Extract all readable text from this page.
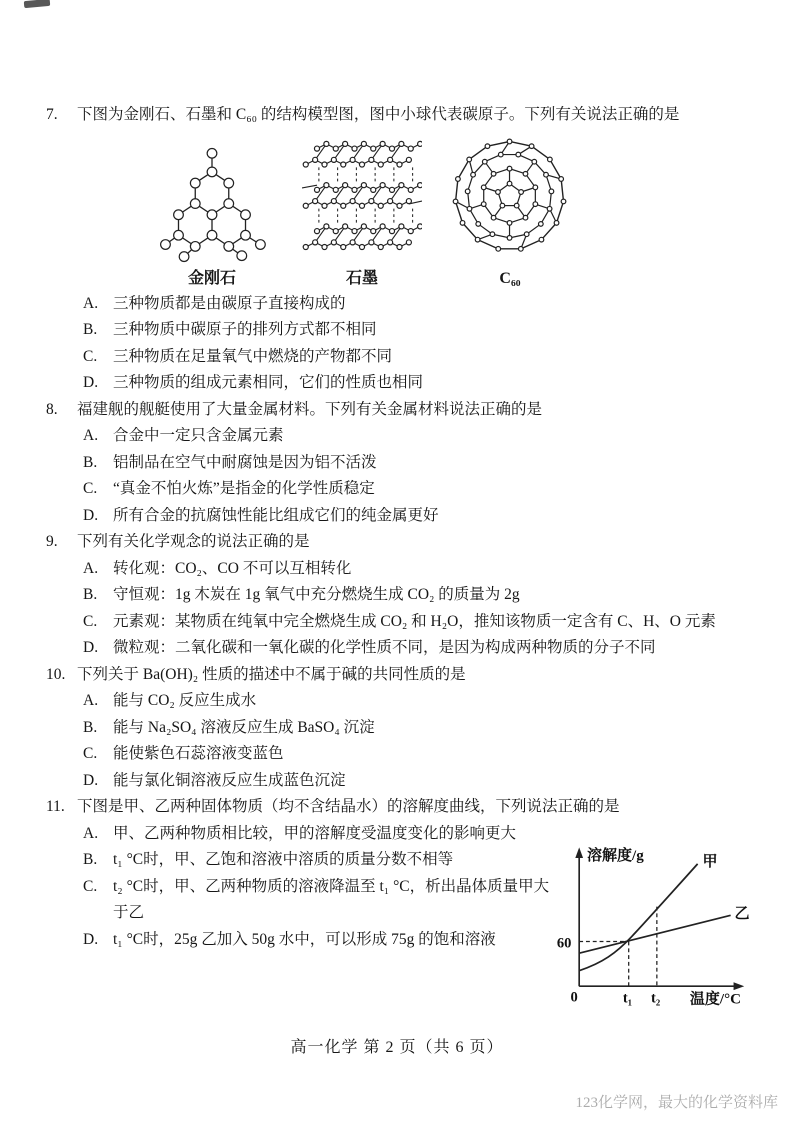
7.	下图为金刚石、石墨和 C₆₀ 的结构模型图，图中小球代表碳原子。下列有关说法正确的是
金刚石	石墨	C₆₀
A. 三种物质都是由碳原子直接构成的
B.	三种物质中碳原子的排列方式都不相同
C.	三种物质在足量氧气中燃烧的产物都不同
D. 三种物质的组成元素相同，它们的性质也相同
8.	福建舰的舰艇使用了大量金属材料。下列有关金属材料说法正确的是
A. 合金中一定只含金属元素
B.	铝制品在空气中耐腐蚀是因为铝不活泼
C.	“真金不怕火炼”是指金的化学性质稳定
D. 所有合金的抗腐蚀性能比组成它们的纯金属更好
9.	下列有关化学观念的说法正确的是
A. 转化观：CO₂、CO 不可以互相转化
B.	守恒观：1g 木炭在 1g 氧气中充分燃烧生成 CO₂ 的质量为 2g
C.	元素观：某物质在纯氧中完全燃烧生成 CO₂ 和 H₂O，推知该物质一定含有 C、H、O 元素
D. 微粒观：二氧化碳和一氧化碳的化学性质不同，是因为构成两种物质的分子不同
10. 下列关于 Ba(OH)₂ 性质的描述中不属于碱的共同性质的是
A. 能与 CO₂ 反应生成水
B.	能与 Na₂SO₄ 溶液反应生成 BaSO₄ 沉淀
C.	能使紫色石蕊溶液变蓝色
D. 能与氯化铜溶液反应生成蓝色沉淀
11. 下图是甲、乙两种固体物质（均不含结晶水）的溶解度曲线，下列说法正确的是
A. 甲、乙两种物质相比较，甲的溶解度受温度变化的影响更大
B.	t₁ °C时，甲、乙饱和溶液中溶质的质量分数不相等
C.	t₂ °C时，甲、乙两种物质的溶液降温至 t₁ °C，析出晶体质量甲大于乙
D. t₁ °C时，25g 乙加入 50g 水中，可以形成 75g 的饱和溶液
溶解度/g
温度/°C
0	t₁ t₂
60
甲
乙
高一化学 第 2 页（共 6 页）
123化学网，最大的化学资料库
